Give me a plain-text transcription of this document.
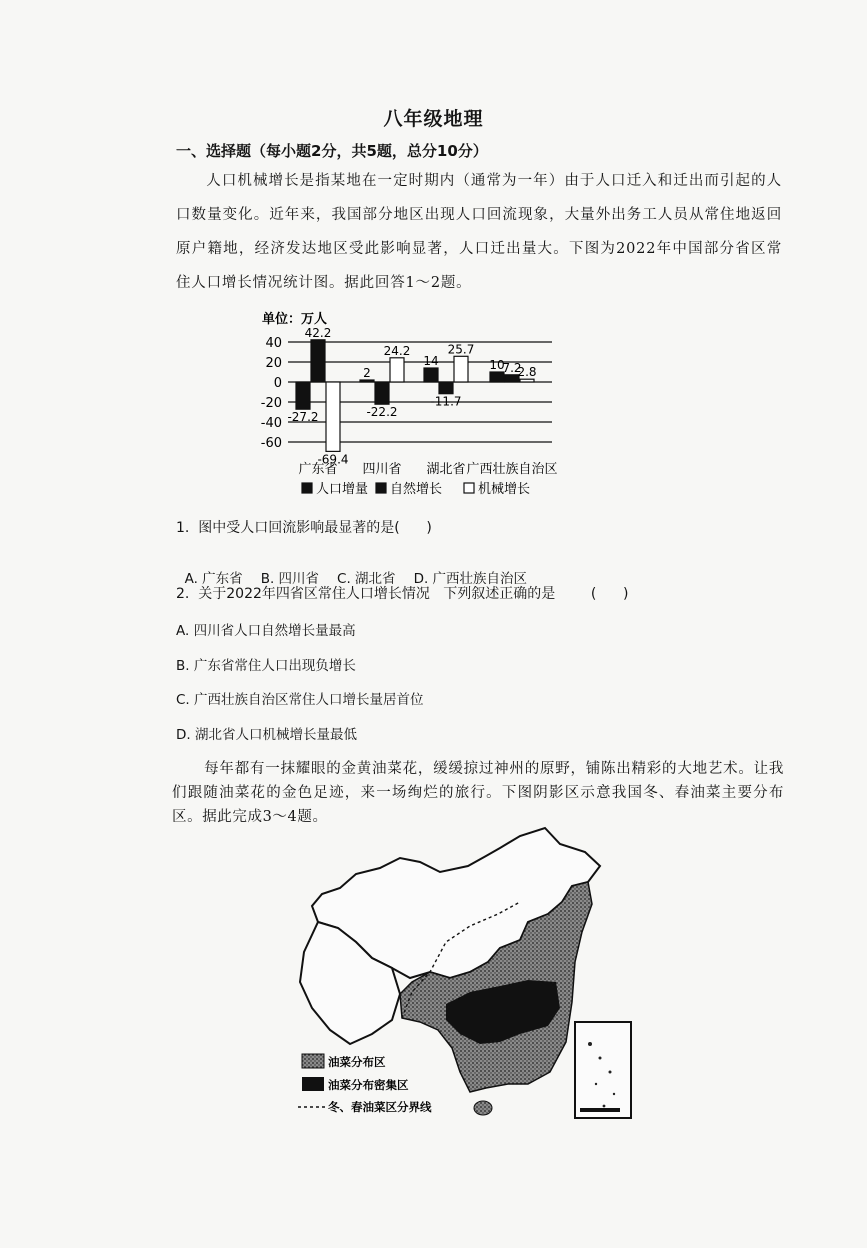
八年级地理
一、选择题（每小题2分，共5题，总分10分）

人口机械增长是指某地在一定时期内（通常为一年）由于人口迁入和迁出而引起的人口数量变化。近年来，我国部分地区出现人口回流现象，大量外出务工人员从常住地返回原户籍地，经济发达地区受此影响显著，人口迁出量大。下图为2022年中国部分省区常住人口增长情况统计图。据此回答1～2题。

单位：万人
40
20
0
-20
-40
-60
-27.2
42.2
-69.4
2
-22.2
24.2
14
-11.7
25.7
10
7.2
2.8
广东省 四川省 湖北省 广西壮族自治区
人口增量 自然增长	机械增长
1.  图中受人口回流影响最显著的是(      )

A. 广东省 B. 四川省 C. 湖北省 D. 广西壮族自治区

2.  关于2022年四省区常住人口增长情况   下列叙述正确的是        (      )
A. 四川省人口自然增长量最高
B. 广东省常住人口出现负增长
C. 广西壮族自治区常住人口增长量居首位
D. 湖北省人口机械增长量最低

每年都有一抹耀眼的金黄油菜花，缓缓掠过神州的原野，铺陈出精彩的大地艺术。让我们跟随油菜花的金色足迹，来一场绚烂的旅行。下图阴影区示意我国冬、春油菜主要分布区。据此完成3～4题。

油菜分布区
油菜分布密集区
冬、春油菜区分界线
